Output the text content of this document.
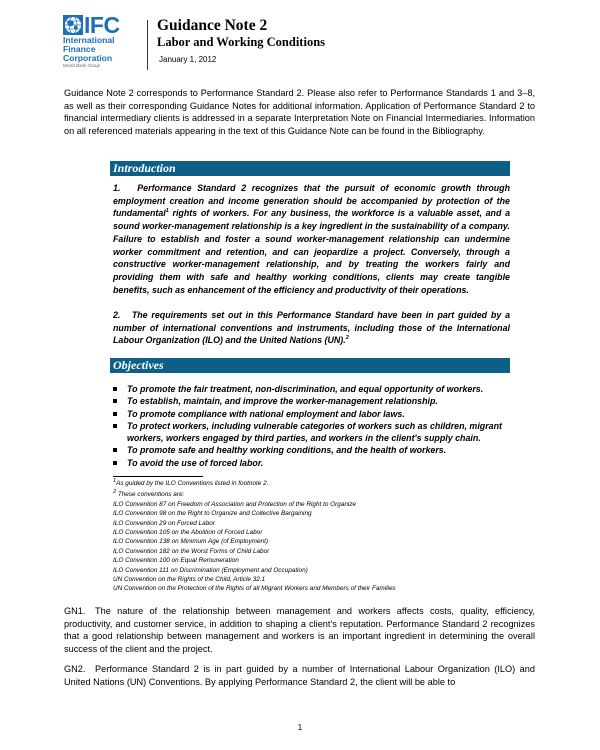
IFC
International
Finance
Corporation
World Bank Group
Guidance Note 2
Labor and Working Conditions
January 1, 2012
Guidance Note 2 corresponds to Performance Standard 2. Please also refer to Performance Standards 1 and 3–8, as well as their corresponding Guidance Notes for additional information. Application of Performance Standard 2 to financial intermediary clients is addressed in a separate Interpretation Note on Financial Intermediaries. Information on all referenced materials appearing in the text of this Guidance Note can be found in the Bibliography.
Introduction
1. Performance Standard 2 recognizes that the pursuit of economic growth through employment creation and income generation should be accompanied by protection of the fundamental$^1$ rights of workers. For any business, the workforce is a valuable asset, and a sound worker-management relationship is a key ingredient in the sustainability of a company. Failure to establish and foster a sound worker-management relationship can undermine worker commitment and retention, and can jeopardize a project. Conversely, through a constructive worker-management relationship, and by treating the workers fairly and providing them with safe and healthy working conditions, clients may create tangible benefits, such as enhancement of the efficiency and productivity of their operations.
2. The requirements set out in this Performance Standard have been in part guided by a number of international conventions and instruments, including those of the International Labour Organization (ILO) and the United Nations (UN).$^2$
Objectives
To promote the fair treatment, non-discrimination, and equal opportunity of workers.
To establish, maintain, and improve the worker-management relationship.
To promote compliance with national employment and labor laws.
To protect workers, including vulnerable categories of workers such as children, migrant workers, workers engaged by third parties, and workers in the client's supply chain.
To promote safe and healthy working conditions, and the health of workers.
To avoid the use of forced labor.

$^1$As guided by the ILO Conventions listed in footnote 2.

$^2$ These conventions are:

ILO Convention 87 on Freedom of Association and Protection of the Right to Organize

ILO Convention 98 on the Right to Organize and Collective Bargaining

ILO Convention 29 on Forced Labor

ILO Convention 105 on the Abolition of Forced Labor

ILO Convention 138 on Minimum Age (of Employment)

ILO Convention 182 on the Worst Forms of Child Labor

ILO Convention 100 on Equal Remuneration

ILO Convention 111 on Discrimination (Employment and Occupation)

UN Convention on the Rights of the Child, Article 32.1

UN Convention on the Protection of the Rights of all Migrant Workers and Members of their Families

GN1. The nature of the relationship between management and workers affects costs, quality, efficiency, productivity, and customer service, in addition to shaping a client's reputation. Performance Standard 2 recognizes that a good relationship between management and workers is an important ingredient in determining the overall success of the client and the project.
GN2. Performance Standard 2 is in part guided by a number of International Labour Organization (ILO) and United Nations (UN) Conventions. By applying Performance Standard 2, the client will be able to
1
